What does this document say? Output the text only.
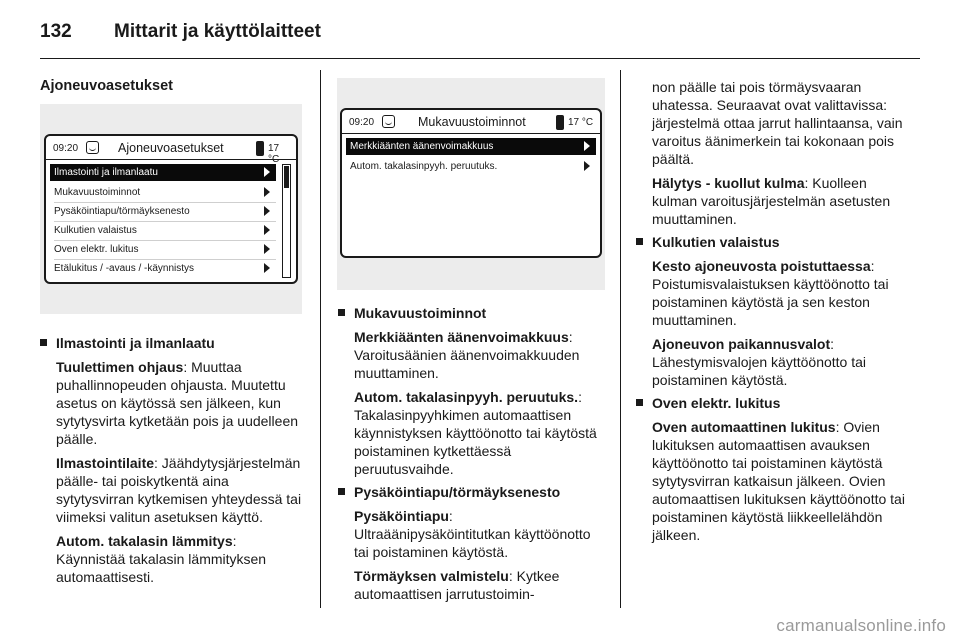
132 Mittarit ja käyttölaitteet
Ajoneuvoasetukset
09:20	Ajoneuvoasetukset	17
Ilmastointi ja ilmanlaatu
Mukavuustoiminnot
Pysäköintiapu/törmäyksenesto
Kulkutien valaistus
Oven elektr. lukitus
Etälukitus / -avaus / -käynnistys
09:20	Mukavuustoiminnot	17 °C
Merkkiäänten äänenvoimakkuus
Autom. takalasinpyyh. peruutuks.
Ilmastointi ja ilmanlaatu
Tuulettimen ohjaus: Muuttaa puhallinnopeuden ohjausta. Muutettu asetus on käytössä sen jälkeen, kun sytytysvirta kytketään pois ja uudelleen päälle.
Ilmastointilaite: Jäähdytysjärjestelmän päälle- tai poiskytkentä aina sytytysvirran kytkemisen yhteydessä tai viimeksi valitun asetuksen käyttö.
Autom. takalasin lämmitys: Käynnistää takalasin lämmityksen automaattisesti.
Mukavuustoiminnot
Merkkiäänten äänenvoimakkuus: Varoitusäänien äänenvoimakkuuden muuttaminen.
Autom. takalasinpyyh. peruutuks.: Takalasinpyyhkimen automaattisen käynnistyksen käyttöönotto tai käytöstä poistaminen kytkettäessä peruutusvaihde.
Pysäköintiapu/törmäyksenesto
Pysäköintiapu: Ultraäänipysäköintitutkan käyttöönotto tai poistaminen käytöstä.
Törmäyksen valmistelu: Kytkee automaattisen jarrutustoimin-
non päälle tai pois törmäysvaaran uhatessa. Seuraavat ovat valittavissa: järjestelmä ottaa jarrut hallintaansa, vain varoitus äänimerkein tai kokonaan pois päältä.
Hälytys - kuollut kulma: Kuolleen kulman varoitusjärjestelmän asetusten muuttaminen.
Kulkutien valaistus
Kesto ajoneuvosta poistuttaessa: Poistumisvalaistuksen käyttöönotto tai poistaminen käytöstä ja sen keston muuttaminen.
Ajoneuvon paikannusvalot: Lähestymisvalojen käyttöönotto tai poistaminen käytöstä.
Oven elektr. lukitus
Oven automaattinen lukitus: Ovien lukituksen automaattisen avauksen käyttöönotto tai poistaminen käytöstä sytytysvirran katkaisun jälkeen. Ovien automaattisen lukituksen käyttöönotto tai poistaminen käytöstä liikkeellelähdön jälkeen.
carmanualsonline.info
